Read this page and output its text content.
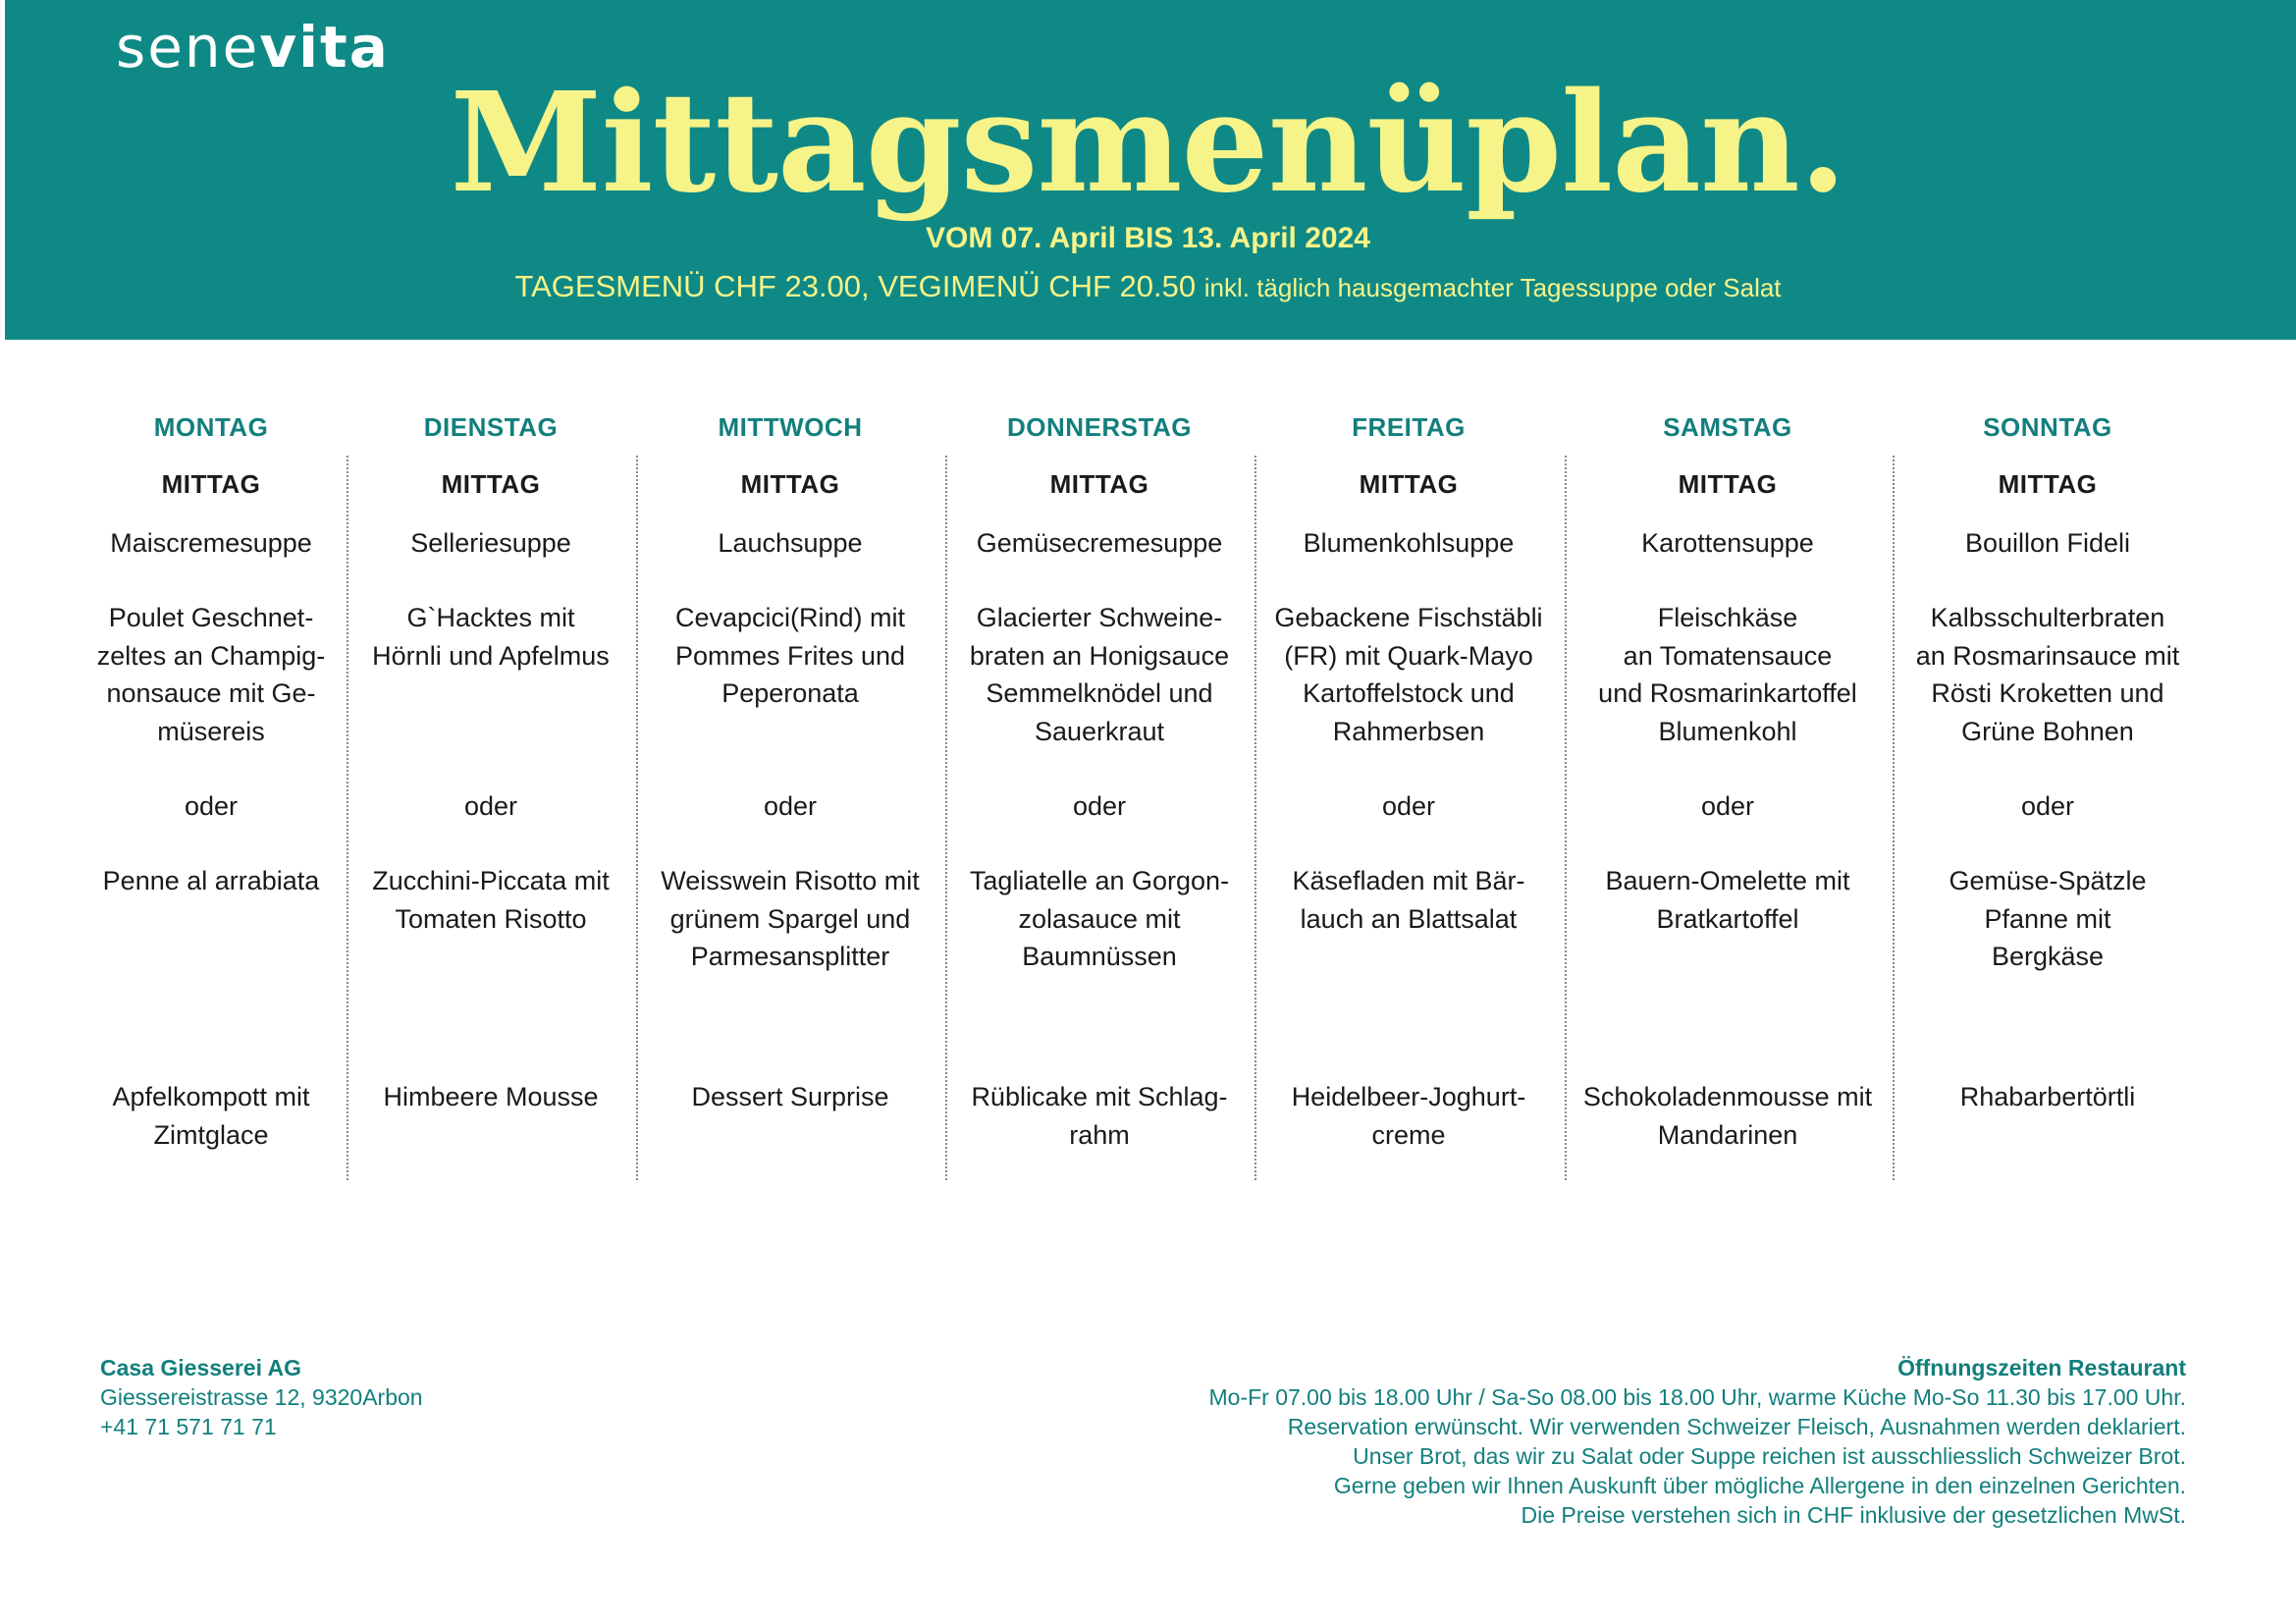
senevita
Mittagsmenüplan.
VOM 07. April BIS 13. April 2024
TAGESMENÜ CHF 23.00, VEGIMENÜ CHF 20.50 inkl. täglich hausgemachter Tagessuppe oder Salat
MONTAG
MITTAG
Maiscremesuppe
Poulet Geschnet-
zeltes an Champig-
nonsauce mit Ge-
müsereis
oder
Penne al arrabiata
Apfelkompott mit
Zimtglace
DIENSTAG
MITTAG
Selleriesuppe
G`Hacktes mit
Hörnli und Apfelmus
oder
Zucchini-Piccata mit
Tomaten Risotto
Himbeere Mousse
MITTWOCH
MITTAG
Lauchsuppe
Cevapcici(Rind) mit
Pommes Frites und
Peperonata
oder
Weisswein Risotto mit
grünem Spargel und
Parmesansplitter
Dessert Surprise
DONNERSTAG
MITTAG
Gemüsecremesuppe
Glacierter Schweine-
braten an Honigsauce
Semmelknödel und
Sauerkraut
oder
Tagliatelle an Gorgon-
zolasauce mit
Baumnüssen
Rüblicake mit Schlag-
rahm
FREITAG
MITTAG
Blumenkohlsuppe
Gebackene Fischstäbli
(FR) mit Quark-Mayo
Kartoffelstock und
Rahmerbsen
oder
Käsefladen mit Bär-
lauch an Blattsalat
Heidelbeer-Joghurt-
creme
SAMSTAG
MITTAG
Karottensuppe
Fleischkäse
an Tomatensauce
und Rosmarinkartoffel
Blumenkohl
oder
Bauern-Omelette mit
Bratkartoffel
Schokoladenmousse mit
Mandarinen
SONNTAG
MITTAG
Bouillon Fideli
Kalbsschulterbraten
an Rosmarinsauce mit
Rösti Kroketten und
Grüne Bohnen
oder
Gemüse-Spätzle
Pfanne mit
Bergkäse
Rhabarbertörtli
Casa Giesserei AG
Giessereistrasse 12, 9320Arbon
+41 71 571 71 71
Öffnungszeiten Restaurant
Mo-Fr 07.00 bis 18.00 Uhr / Sa-So 08.00 bis 18.00 Uhr, warme Küche Mo-So 11.30 bis 17.00 Uhr.
Reservation erwünscht. Wir verwenden Schweizer Fleisch, Ausnahmen werden deklariert.
Unser Brot, das wir zu Salat oder Suppe reichen ist ausschliesslich Schweizer Brot.
Gerne geben wir Ihnen Auskunft über mögliche Allergene in den einzelnen Gerichten.
Die Preise verstehen sich in CHF inklusive der gesetzlichen MwSt.
